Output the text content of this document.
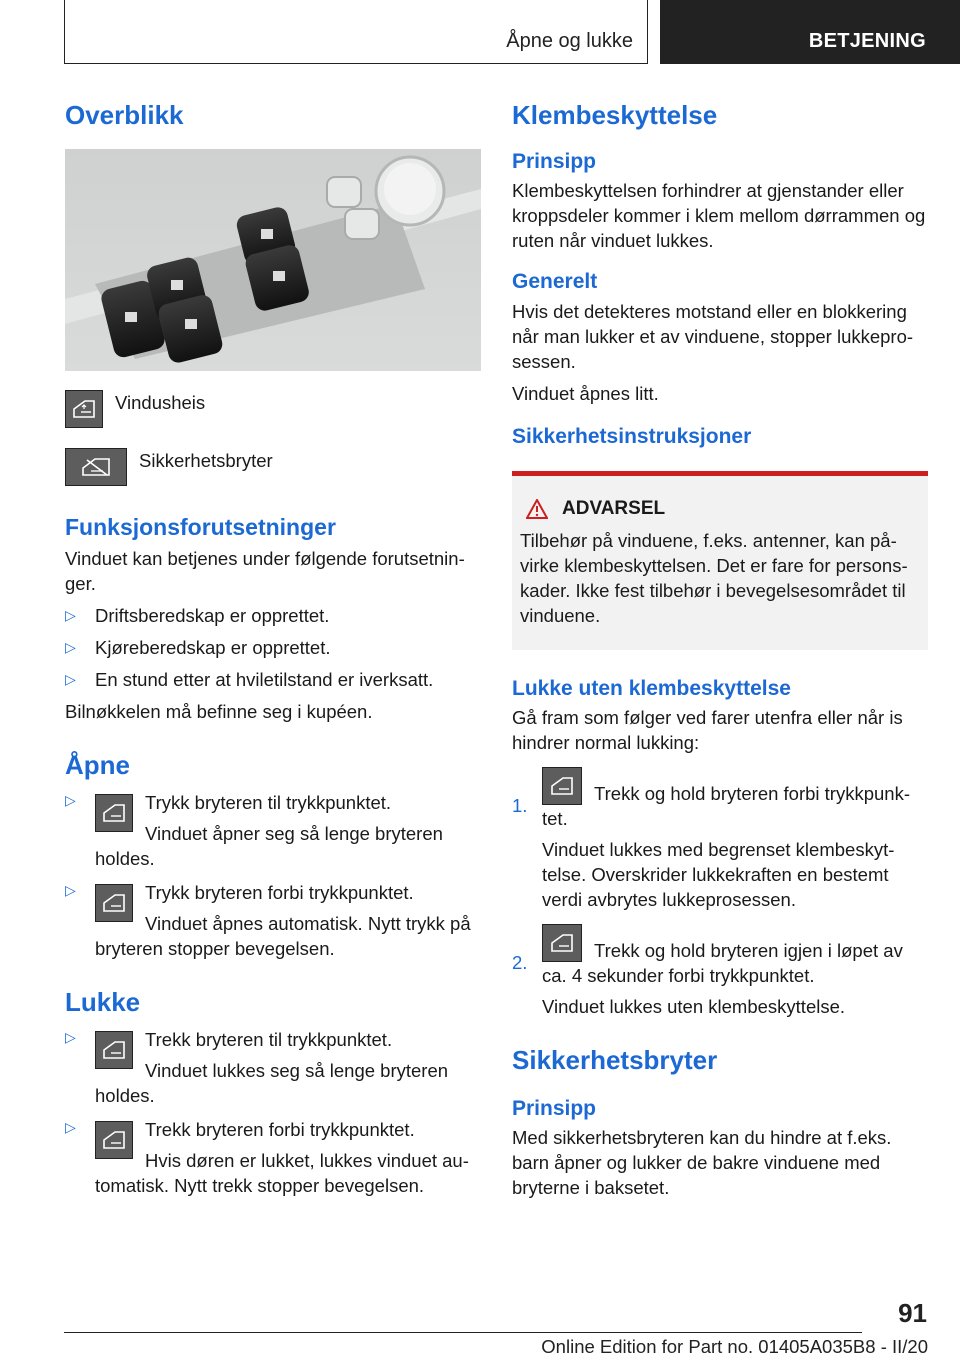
Åpne og lukke	BETJENING
Overblikk

Vindusheis

Sikkerhetsbryter

Funksjonsforutsetninger

Vinduet kan betjenes under følgende forutsetninger.

▷ Driftsberedskap er opprettet.
▷ Kjøreberedskap er opprettet.
▷ En stund etter at hviletilstand er iverksatt.

Bilnøkkelen må befinne seg i kupéen.

Åpne
▷	Trykk bryteren til trykkpunktet.

Vinduet åpner seg så lenge bryteren holdes.

▷	Trykk bryteren forbi trykkpunktet.

Vinduet åpnes automatisk. Nytt trykk på bryteren stopper bevegelsen.

Lukke
▷	Trekk bryteren til trykkpunktet.

Vinduet lukkes seg så lenge bryteren holdes.

▷	Trekk bryteren forbi trykkpunktet.

Hvis døren er lukket, lukkes vinduet automatisk. Nytt trekk stopper bevegelsen.

Klembeskyttelse
Prinsipp

Klembeskyttelsen forhindrer at gjenstander eller kroppsdeler kommer i klem mellom dørrammen og ruten når vinduet lukkes.

Generelt

Hvis det detekteres motstand eller en blokkering når man lukker et av vinduene, stopper lukkeprosessen.

Vinduet åpnes litt.

Sikkerhetsinstruksjoner
ADVARSEL

Tilbehør på vinduene, f.eks. antenner, kan påvirke klembeskyttelsen. Det er fare for personskader. Ikke fest tilbehør i bevegelsesområdet til vinduene.

Lukke uten klembeskyttelse

Gå fram som følger ved farer utenfra eller når is hindrer normal lukking:

1.

Trekk og hold bryteren forbi trykkpunktet.

Vinduet lukkes med begrenset klembeskyttelse. Overskrider lukkekraften en bestemt verdi avbrytes lukkeprosessen.

2.

Trekk og hold bryteren igjen i løpet av ca. 4 sekunder forbi trykkpunktet.

Vinduet lukkes uten klembeskyttelse.

Sikkerhetsbryter
Prinsipp

Med sikkerhetsbryteren kan du hindre at f.eks. barn åpner og lukker de bakre vinduene med bryterne i baksetet.

91
Online Edition for Part no. 01405A035B8 - II/20
